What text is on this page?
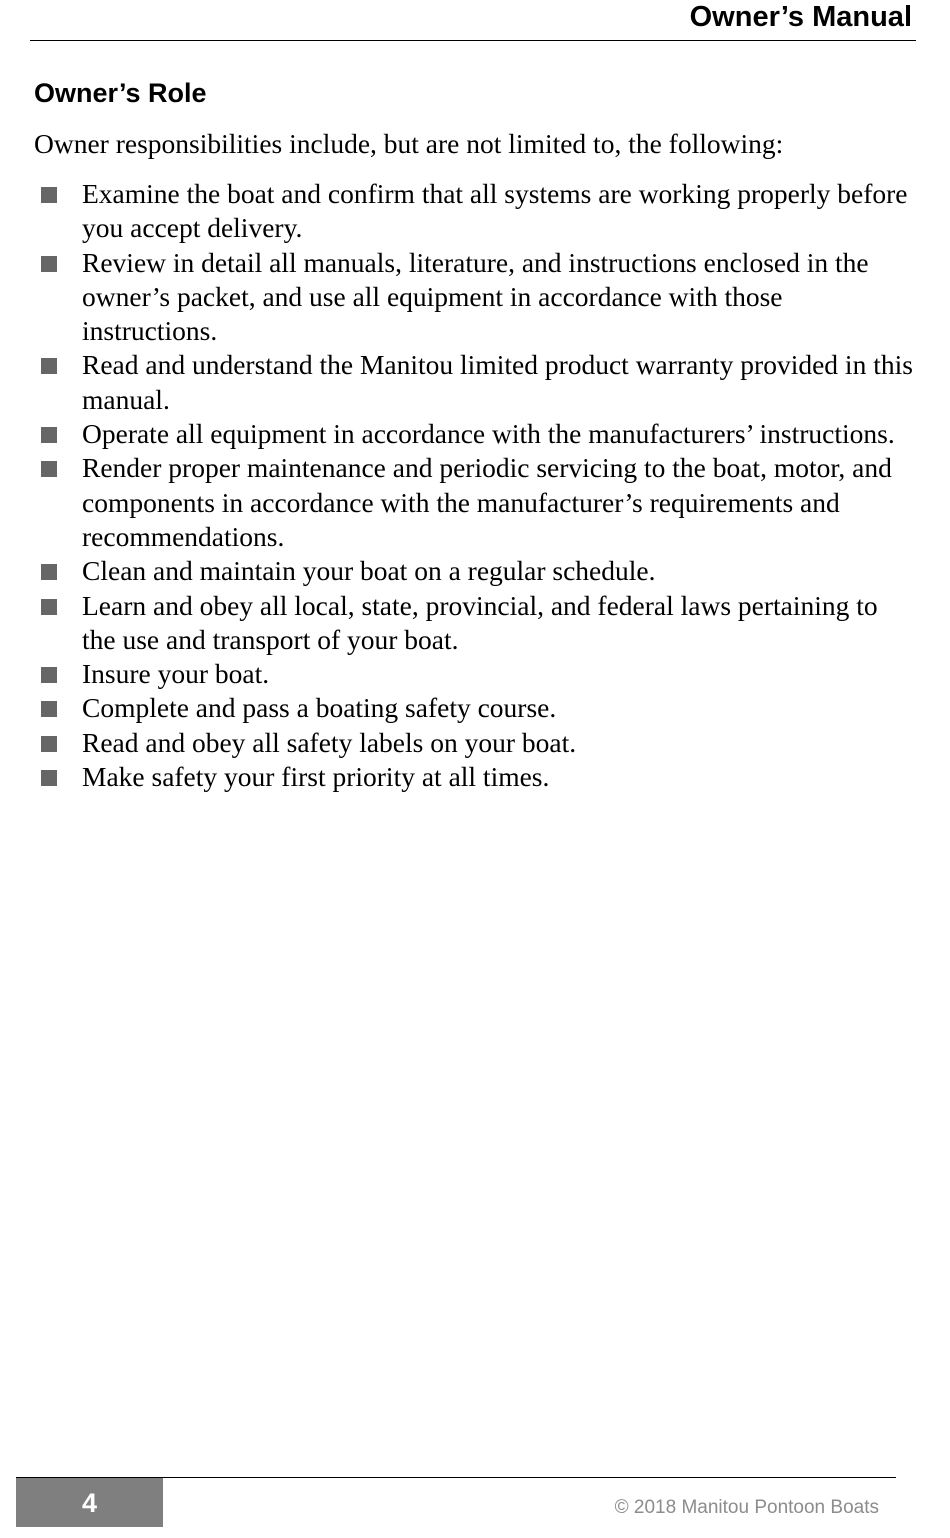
Owner’s Manual
Owner’s Role

Owner responsibilities include, but are not limited to, the following:

Examine the boat and confirm that all systems are working properly before you accept delivery.
Review in detail all manuals, literature, and instructions enclosed in the owner’s packet, and use all equipment in accordance with those instructions.
Read and understand the Manitou limited product warranty provided in this manual.
Operate all equipment in accordance with the manufacturers’ instructions.
Render proper maintenance and periodic servicing to the boat, motor, and components in accordance with the manufacturer’s requirements and recommendations.
Clean and maintain your boat on a regular schedule.
Learn and obey all local, state, provincial, and federal laws pertaining to the use and transport of your boat.
Insure your boat.
Complete and pass a boating safety course.
Read and obey all safety labels on your boat.
Make safety your first priority at all times.
4	© 2018 Manitou Pontoon Boats
